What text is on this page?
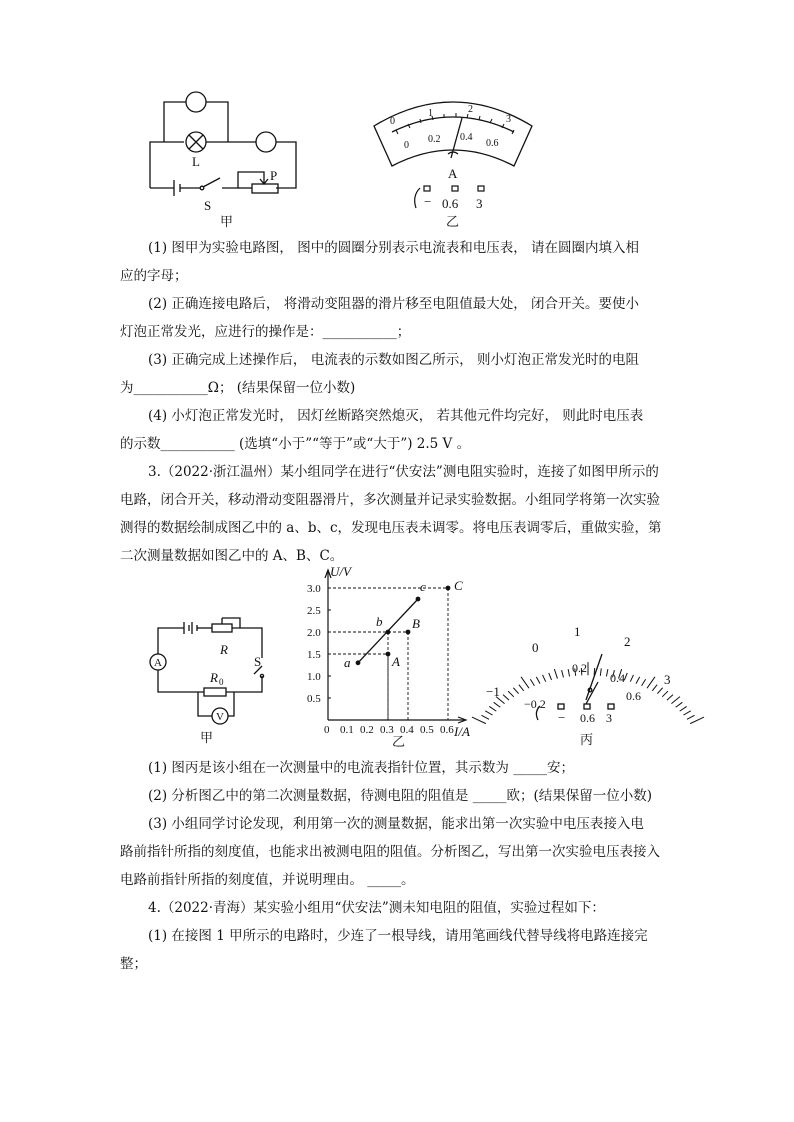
L
S
P
甲
0
1	2
3
0
0.2 0.4
0.6
A
− 0.6 3
乙
(1) 图甲为实验电路图， 图中的圆圈分别表示电流表和电压表， 请在圆圈内填入相
应的字母；
(2) 正确连接电路后， 将滑动变阻器的滑片移至电阻值最大处， 闭合开关。要使小
灯泡正常发光，应进行的操作是：___________；
(3) 正确完成上述操作后， 电流表的示数如图乙所示， 则小灯泡正常发光时的电阻
为___________Ω； (结果保留一位小数)
(4) 小灯泡正常发光时， 因灯丝断路突然熄灭， 若其他元件均完好， 则此时电压表
的示数___________ (选填“小于”“等于”或“大于”) 2.5 V 。
3.（2022·浙江温州）某小组同学在进行“伏安法”测电阻实验时，连接了如图甲所示的
电路，闭合开关，移动滑动变阻器滑片，多次测量并记录实验数据。小组同学将第一次实验
测得的数据绘制成图乙中的 a、b、c，发现电压表未调零。将电压表调零后，重做实验，第
二次测量数据如图乙中的 A、B、C。
A
V
R
R 0
S
甲	0 0.1 0.2 0.3 0.4 0.5 0.6
0.5
1.0
1.5
2.0
2.5
3.0
a
b
c
A
B
C
U/V
I/A
乙
−1
0
1
2
3
−0.2
0.2
0.4
0.6
− 0.6 3
丙
(1) 图丙是该小组在一次测量中的电流表指针位置，其示数为 _____安；
(2) 分析图乙中的第二次测量数据，待测电阻的阻值是 _____欧；(结果保留一位小数)
(3) 小组同学讨论发现，利用第一次的测量数据，能求出第一次实验中电压表接入电
路前指针所指的刻度值，也能求出被测电阻的阻值。分析图乙，写出第一次实验电压表接入
电路前指针所指的刻度值，并说明理由。 _____。
4.（2022·青海）某实验小组用“伏安法”测未知电阻的阻值，实验过程如下：
(1) 在接图 1 甲所示的电路时，少连了一根导线，请用笔画线代替导线将电路连接完
整；
